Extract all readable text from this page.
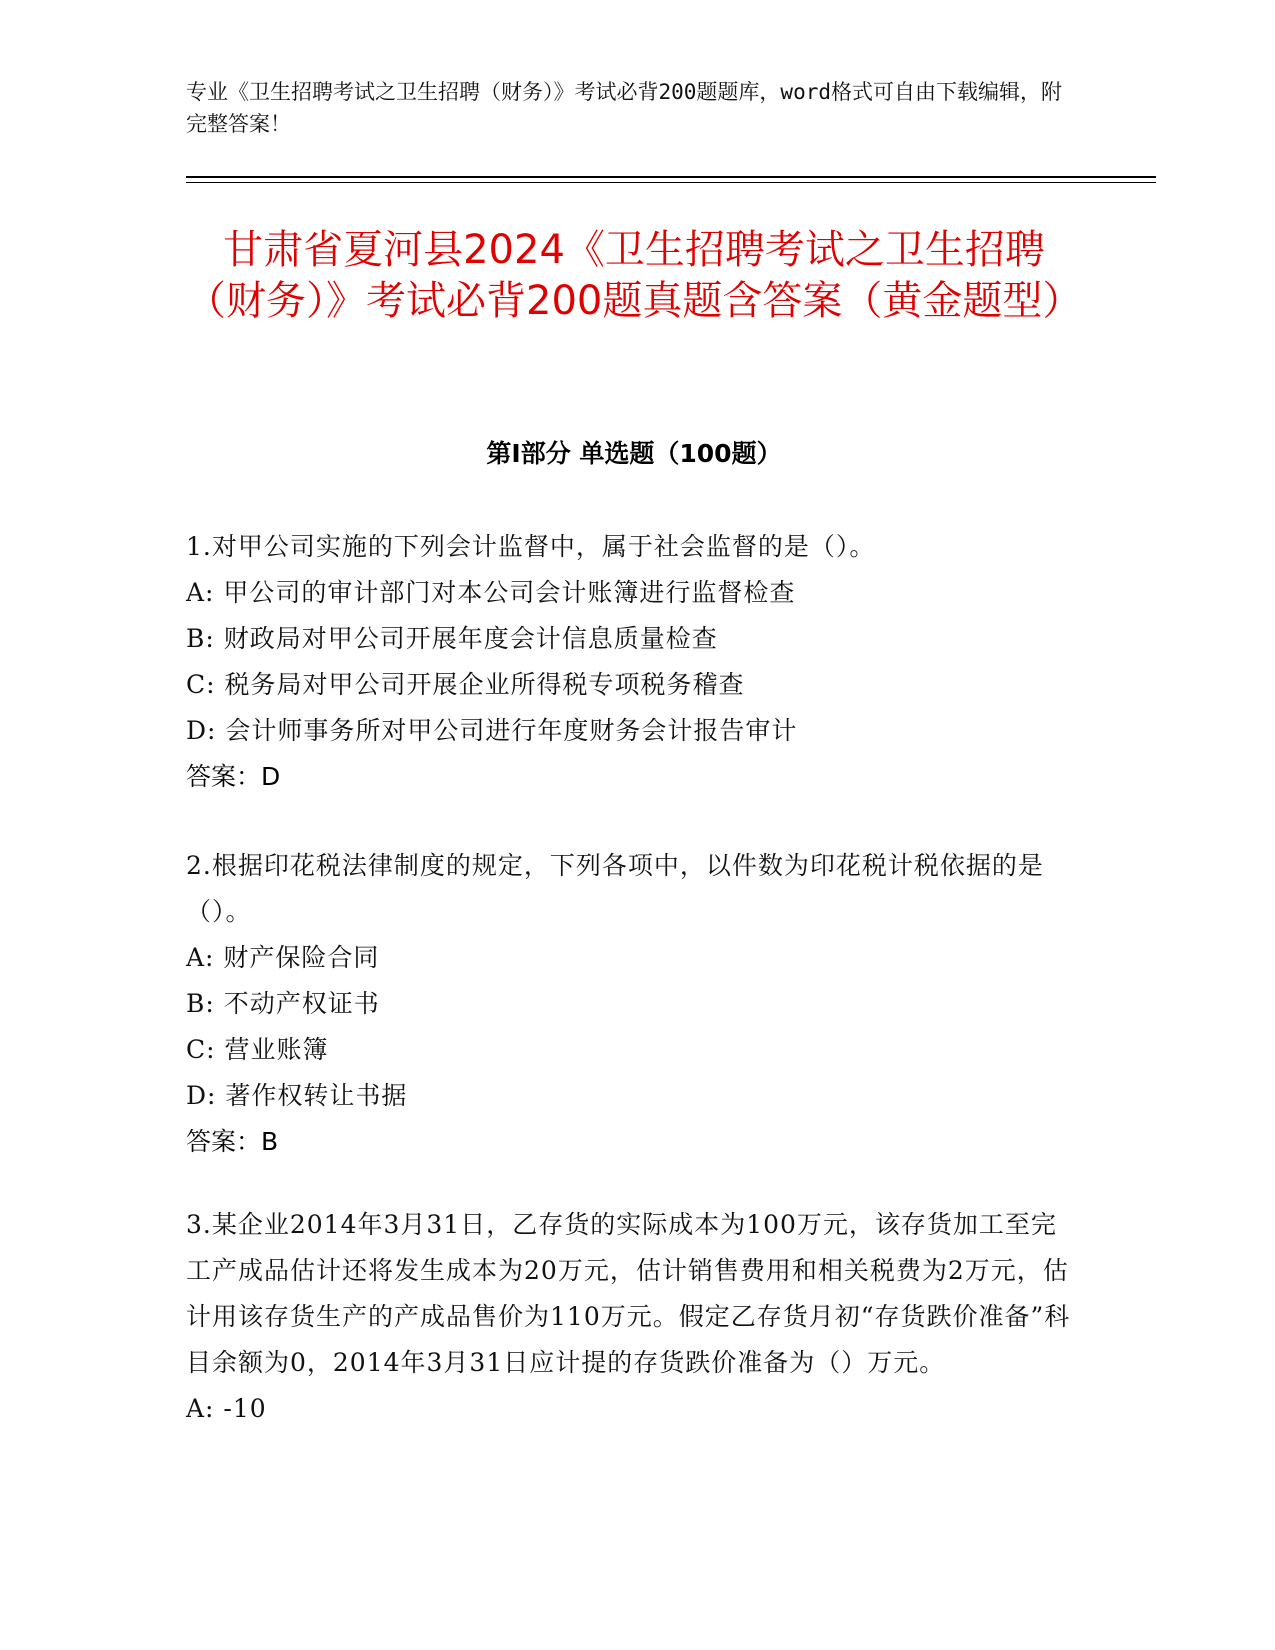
专业《卫生招聘考试之卫生招聘（财务）》考试必背200题题库，word格式可自由下载编辑，附完整答案！
甘肃省夏河县2024《卫生招聘考试之卫生招聘（财务）》考试必背200题真题含答案（黄金题型）
第Ⅰ部分 单选题（100题）
1.对甲公司实施的下列会计监督中，属于社会监督的是（）。
A: 甲公司的审计部门对本公司会计账簿进行监督检查
B: 财政局对甲公司开展年度会计信息质量检查
C: 税务局对甲公司开展企业所得税专项税务稽查
D: 会计师事务所对甲公司进行年度财务会计报告审计
答案：D
2.根据印花税法律制度的规定，下列各项中，以件数为印花税计税依据的是（）。
A: 财产保险合同
B: 不动产权证书
C: 营业账簿
D: 著作权转让书据
答案：B
3.某企业2014年3月31日，乙存货的实际成本为100万元，该存货加工至完工产成品估计还将发生成本为20万元，估计销售费用和相关税费为2万元，估计用该存货生产的产成品售价为110万元。假定乙存货月初“存货跌价准备”科目余额为0，2014年3月31日应计提的存货跌价准备为（）万元。
A: -10
